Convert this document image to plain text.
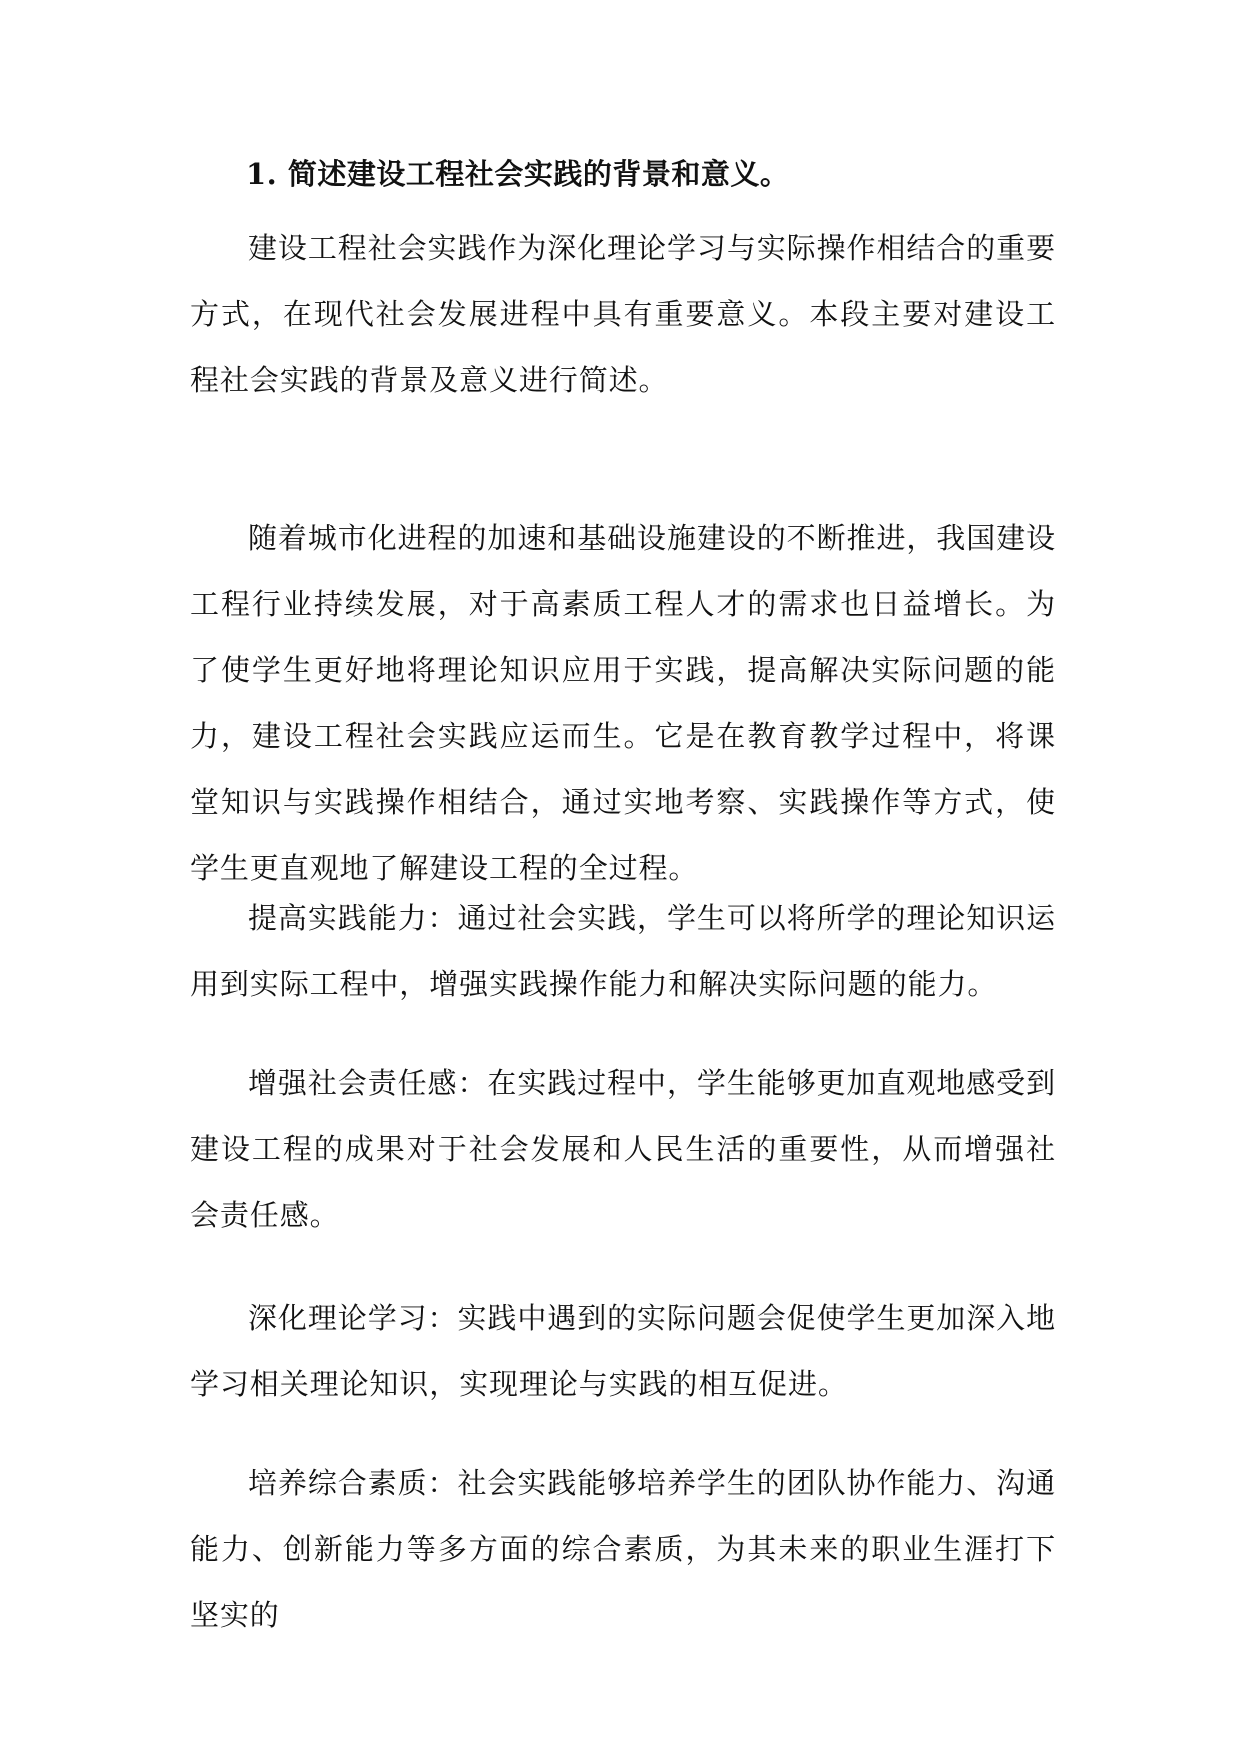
1. 简述建设工程社会实践的背景和意义。

建设工程社会实践作为深化理论学习与实际操作相结合的重要方式，在现代社会发展进程中具有重要意义。本段主要对建设工程社会实践的背景及意义进行简述。

随着城市化进程的加速和基础设施建设的不断推进，我国建设工程行业持续发展，对于高素质工程人才的需求也日益增长。为了使学生更好地将理论知识应用于实践，提高解决实际问题的能力，建设工程社会实践应运而生。它是在教育教学过程中，将课堂知识与实践操作相结合，通过实地考察、实践操作等方式，使学生更直观地了解建设工程的全过程。

提高实践能力：通过社会实践，学生可以将所学的理论知识运用到实际工程中，增强实践操作能力和解决实际问题的能力。

增强社会责任感：在实践过程中，学生能够更加直观地感受到建设工程的成果对于社会发展和人民生活的重要性，从而增强社会责任感。

深化理论学习：实践中遇到的实际问题会促使学生更加深入地学习相关理论知识，实现理论与实践的相互促进。

培养综合素质：社会实践能够培养学生的团队协作能力、沟通能力、创新能力等多方面的综合素质，为其未来的职业生涯打下坚实的
